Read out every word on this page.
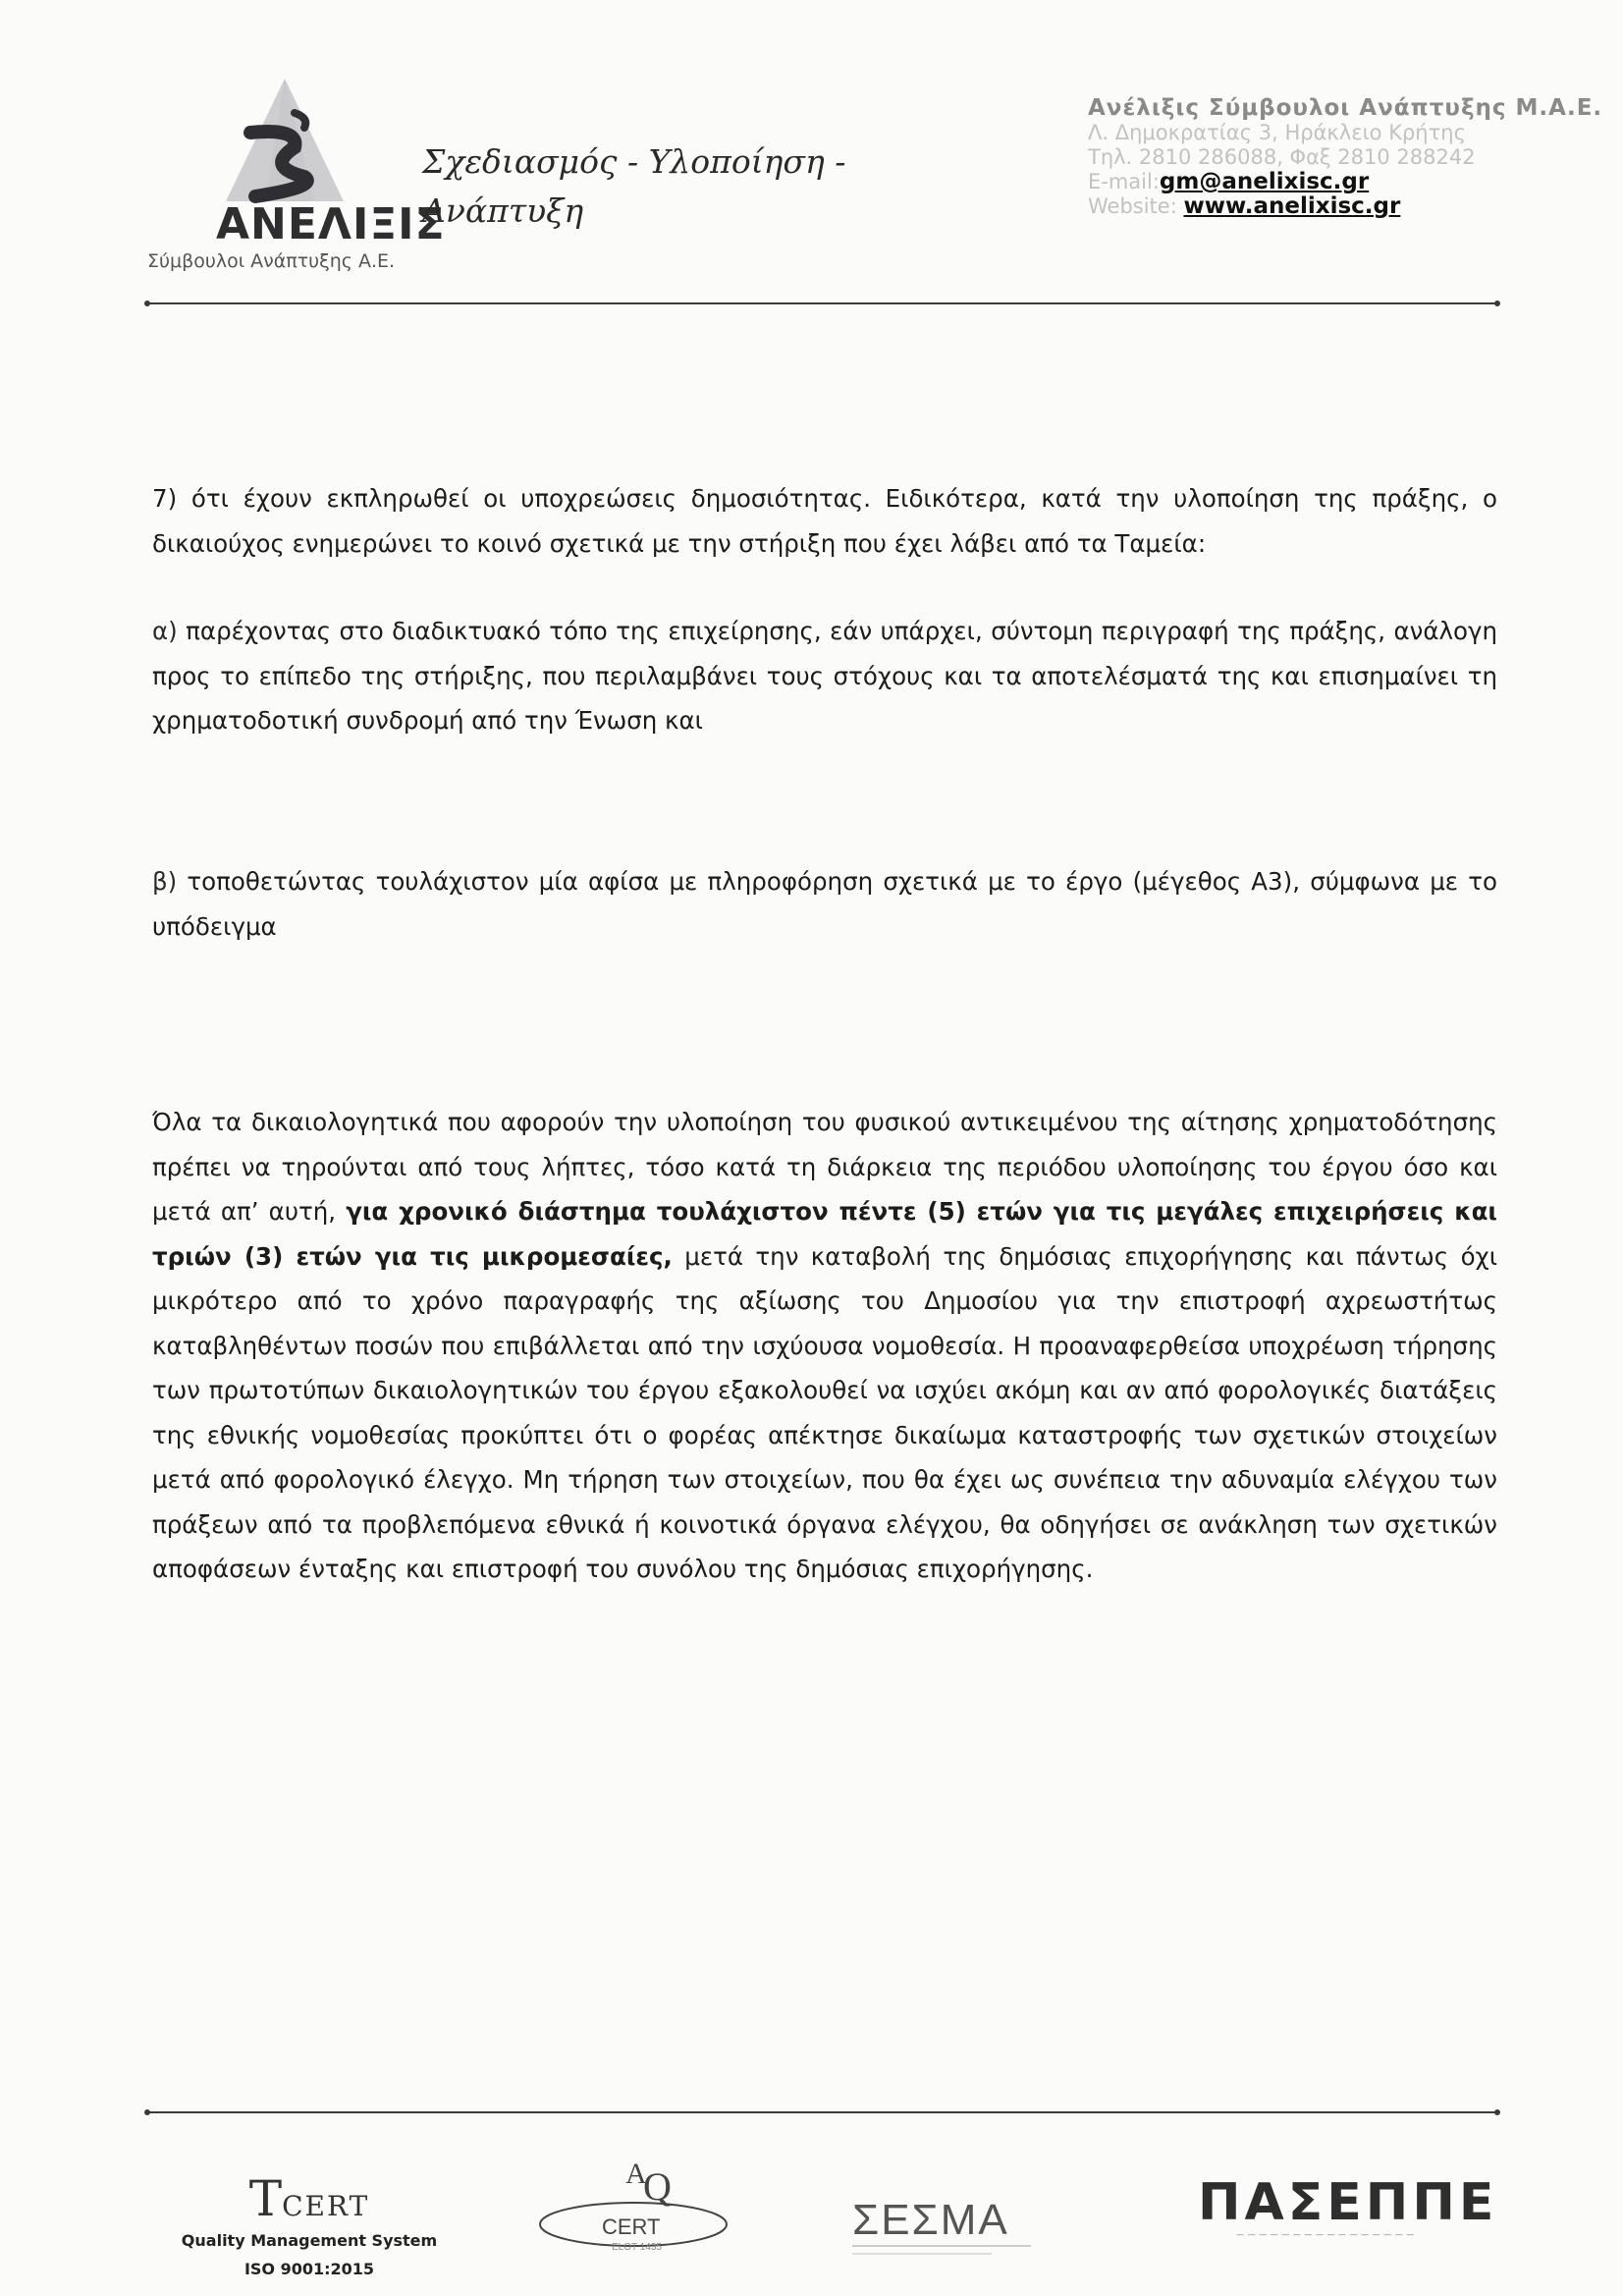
ΑΝΕΛΙΞΙΣ
Σύμβουλοι Ανάπτυξης Α.Ε.
Σχεδιασμός - Υλοποίηση -
Ανάπτυξη
Ανέλιξις Σύμβουλοι Ανάπτυξης Μ.Α.Ε.
Λ. Δημοκρατίας 3, Ηράκλειο Κρήτης
Τηλ. 2810 286088, Φαξ 2810 288242
E-mail:gm@anelixisc.gr
Website: www.anelixisc.gr
7) ότι έχουν εκπληρωθεί οι υποχρεώσεις δημοσιότητας. Ειδικότερα, κατά την υλοποίηση της πράξης, ο δικαιούχος ενημερώνει το κοινό σχετικά με την στήριξη που έχει λάβει από τα Ταμεία:
α) παρέχοντας στο διαδικτυακό τόπο της επιχείρησης, εάν υπάρχει, σύντομη περιγραφή της πράξης, ανάλογη προς το επίπεδο της στήριξης, που περιλαμβάνει τους στόχους και τα αποτελέσματά της και επισημαίνει τη χρηματοδοτική συνδρομή από την Ένωση και
β) τοποθετώντας τουλάχιστον μία αφίσα με πληροφόρηση σχετικά με το έργο (μέγεθος Α3), σύμφωνα με το υπόδειγμα
Όλα τα δικαιολογητικά που αφορούν την υλοποίηση του φυσικού αντικειμένου της αίτησης χρηματοδότησης πρέπει να τηρούνται από τους λήπτες, τόσο κατά τη διάρκεια της περιόδου υλοποίησης του έργου όσο και μετά απ’ αυτή, για χρονικό διάστημα τουλάχιστον πέντε (5) ετών για τις μεγάλες επιχειρήσεις και τριών (3) ετών για τις μικρομεσαίες, μετά την καταβολή της δημόσιας επιχορήγησης και πάντως όχι μικρότερο από το χρόνο παραγραφής της αξίωσης του Δημοσίου για την επιστροφή αχρεωστήτως καταβληθέντων ποσών που επιβάλλεται από την ισχύουσα νομοθεσία. Η προαναφερθείσα υποχρέωση τήρησης των πρωτοτύπων δικαιολογητικών του έργου εξακολουθεί να ισχύει ακόμη και αν από φορολογικές διατάξεις της εθνικής νομοθεσίας προκύπτει ότι ο φορέας απέκτησε δικαίωμα καταστροφής των σχετικών στοιχείων μετά από φορολογικό έλεγχο. Μη τήρηση των στοιχείων, που θα έχει ως συνέπεια την αδυναμία ελέγχου των πράξεων από τα προβλεπόμενα εθνικά ή κοινοτικά όργανα ελέγχου, θα οδηγήσει σε ανάκληση των σχετικών αποφάσεων ένταξης και επιστροφή του συνόλου της δημόσιας επιχορήγησης.
TCERT
Quality Management System
ISO 9001:2015
Q
A
CERT
ELOT 1435
ΣΕΣΜΑ	ΠΑΣΕΠΠΕ
— — — — — — — — — — — — — — — —
